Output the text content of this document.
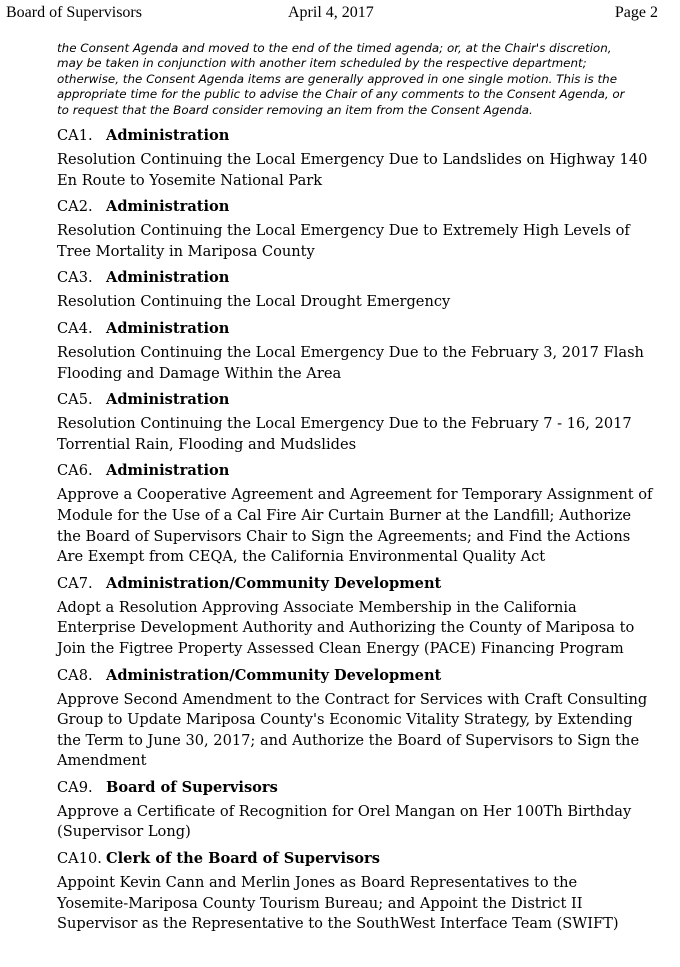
Board of Supervisors	April 4, 2017	Page 2
the Consent Agenda and moved to the end of the timed agenda; or, at the Chair's discretion,
may be taken in conjunction with another item scheduled by the respective department;
otherwise, the Consent Agenda items are generally approved in one single motion. This is the
appropriate time for the public to advise the Chair of any comments to the Consent Agenda, or
to request that the Board consider removing an item from the Consent Agenda.
CA1. Administration
Resolution Continuing the Local Emergency Due to Landslides on Highway 140
En Route to Yosemite National Park
CA2. Administration
Resolution Continuing the Local Emergency Due to Extremely High Levels of
Tree Mortality in Mariposa County
CA3. Administration
Resolution Continuing the Local Drought Emergency
CA4. Administration
Resolution Continuing the Local Emergency Due to the February 3, 2017 Flash
Flooding and Damage Within the Area
CA5. Administration
Resolution Continuing the Local Emergency Due to the February 7 - 16, 2017
Torrential Rain, Flooding and Mudslides
CA6. Administration
Approve a Cooperative Agreement and Agreement for Temporary Assignment of
Module for the Use of a Cal Fire Air Curtain Burner at the Landfill; Authorize
the Board of Supervisors Chair to Sign the Agreements; and Find the Actions
Are Exempt from CEQA, the California Environmental Quality Act
CA7. Administration/Community Development
Adopt a Resolution Approving Associate Membership in the California
Enterprise Development Authority and Authorizing the County of Mariposa to
Join the Figtree Property Assessed Clean Energy (PACE) Financing Program
CA8. Administration/Community Development
Approve Second Amendment to the Contract for Services with Craft Consulting
Group to Update Mariposa County's Economic Vitality Strategy, by Extending
the Term to June 30, 2017; and Authorize the Board of Supervisors to Sign the
Amendment
CA9. Board of Supervisors
Approve a Certificate of Recognition for Orel Mangan on Her 100Th Birthday
(Supervisor Long)
CA10. Clerk of the Board of Supervisors
Appoint Kevin Cann and Merlin Jones as Board Representatives to the
Yosemite-Mariposa County Tourism Bureau; and Appoint the District II
Supervisor as the Representative to the SouthWest Interface Team (SWIFT)
